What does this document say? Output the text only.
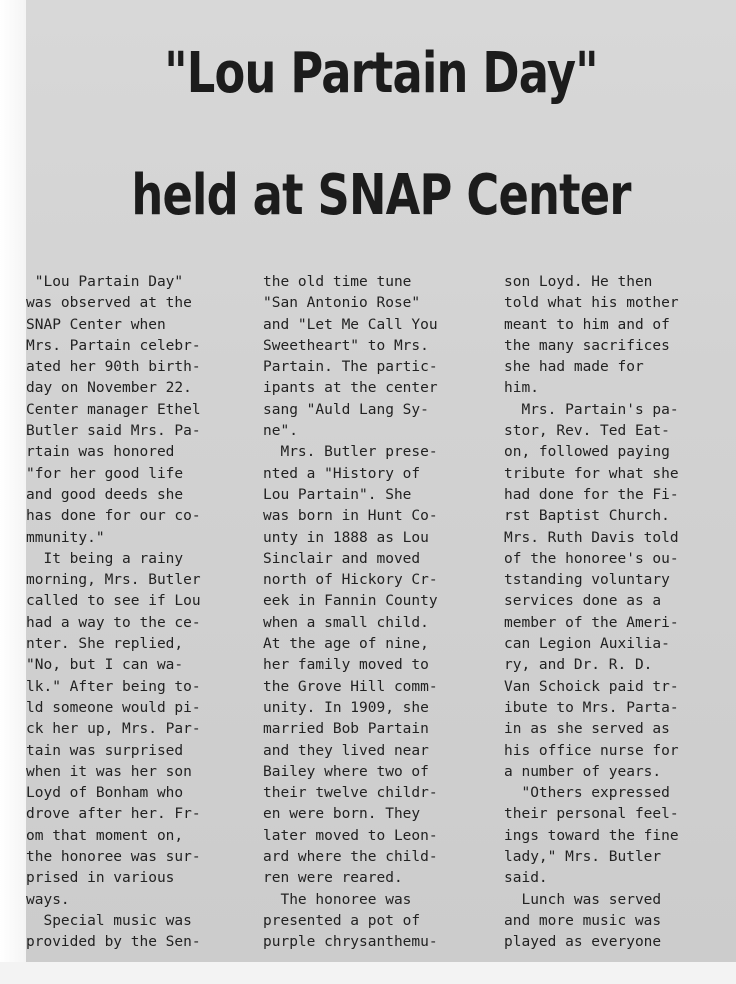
"Lou Partain Day"
held at SNAP Center
"Lou Partain Day"
was observed at the
SNAP Center when
Mrs. Partain celebr-
ated her 90th birth-
day on November 22.
Center manager Ethel
Butler said Mrs. Pa-
rtain was honored
"for her good life
and good deeds she
has done for our co-
mmunity."
It being a rainy
morning, Mrs. Butler
called to see if Lou
had a way to the ce-
nter. She replied,
"No, but I can wa-
lk." After being to-
ld someone would pi-
ck her up, Mrs. Par-
tain was surprised
when it was her son
Loyd of Bonham who
drove after her. Fr-
om that moment on,
the honoree was sur-
prised in various
ways.
Special music was
provided by the Sen-
the old time tune
"San Antonio Rose"
and "Let Me Call You
Sweetheart" to Mrs.
Partain. The partic-
ipants at the center
sang "Auld Lang Sy-
ne".
Mrs. Butler prese-
nted a "History of
Lou Partain". She
was born in Hunt Co-
unty in 1888 as Lou
Sinclair and moved
north of Hickory Cr-
eek in Fannin County
when a small child.
At the age of nine,
her family moved to
the Grove Hill comm-
unity. In 1909, she
married Bob Partain
and they lived near
Bailey where two of
their twelve childr-
en were born. They
later moved to Leon-
ard where the child-
ren were reared.
The honoree was
presented a pot of
purple chrysanthemu-
son Loyd. He then
told what his mother
meant to him and of
the many sacrifices
she had made for
him.
Mrs. Partain's pa-
stor, Rev. Ted Eat-
on, followed paying
tribute for what she
had done for the Fi-
rst Baptist Church.
Mrs. Ruth Davis told
of the honoree's ou-
tstanding voluntary
services done as a
member of the Ameri-
can Legion Auxilia-
ry, and Dr. R. D.
Van Schoick paid tr-
ibute to Mrs. Parta-
in as she served as
his office nurse for
a number of years.
"Others expressed
their personal feel-
ings toward the fine
lady," Mrs. Butler
said.
Lunch was served
and more music was
played as everyone
